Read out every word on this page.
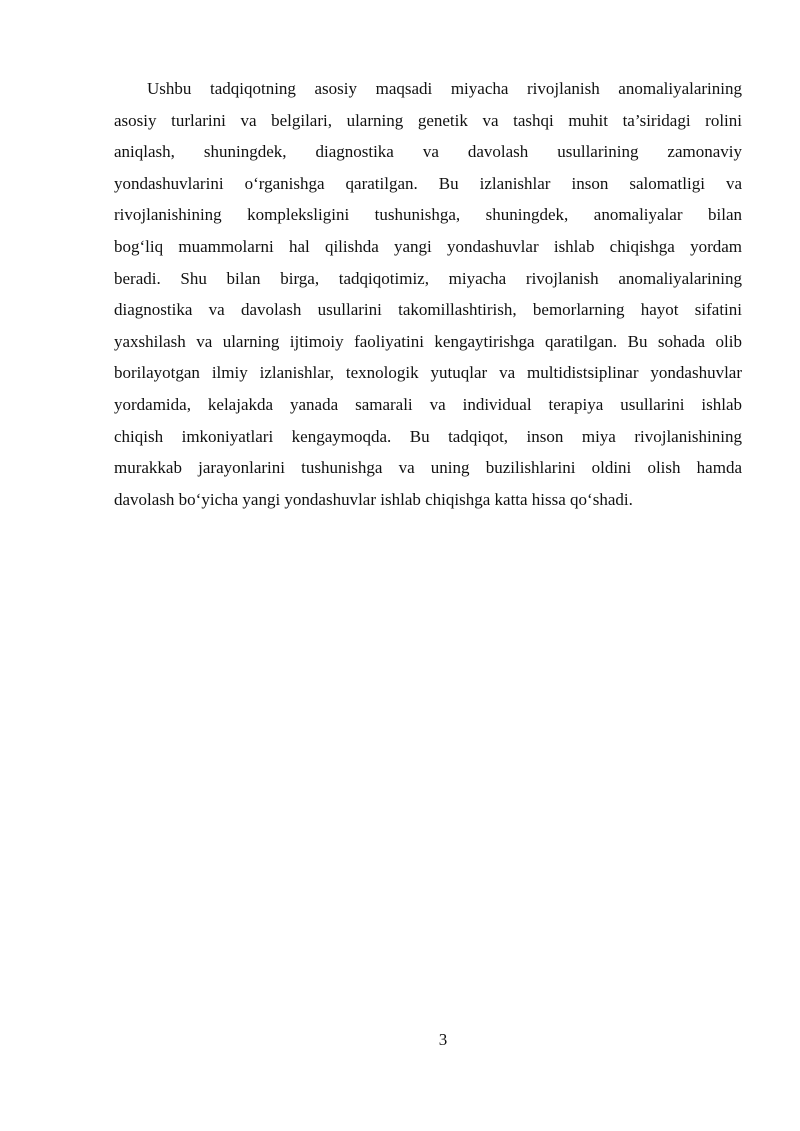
Ushbu tadqiqotning asosiy maqsadi miyacha rivojlanish anomaliyalarining
asosiy turlarini va belgilari, ularning genetik va tashqi muhit ta’siridagi rolini
aniqlash, shuningdek, diagnostika va davolash usullarining zamonaviy
yondashuvlarini o‘rganishga qaratilgan. Bu izlanishlar inson salomatligi va
rivojlanishining kompleksligini tushunishga, shuningdek, anomaliyalar bilan
bog‘liq muammolarni hal qilishda yangi yondashuvlar ishlab chiqishga yordam
beradi. Shu bilan birga, tadqiqotimiz, miyacha rivojlanish anomaliyalarining
diagnostika va davolash usullarini takomillashtirish, bemorlarning hayot sifatini
yaxshilash va ularning ijtimoiy faoliyatini kengaytirishga qaratilgan. Bu sohada olib
borilayotgan ilmiy izlanishlar, texnologik yutuqlar va multidistsiplinar yondashuvlar
yordamida, kelajakda yanada samarali va individual terapiya usullarini ishlab
chiqish imkoniyatlari kengaymoqda. Bu tadqiqot, inson miya rivojlanishining
murakkab jarayonlarini tushunishga va uning buzilishlarini oldini olish hamda
davolash bo‘yicha yangi yondashuvlar ishlab chiqishga katta hissa qo‘shadi.
3
